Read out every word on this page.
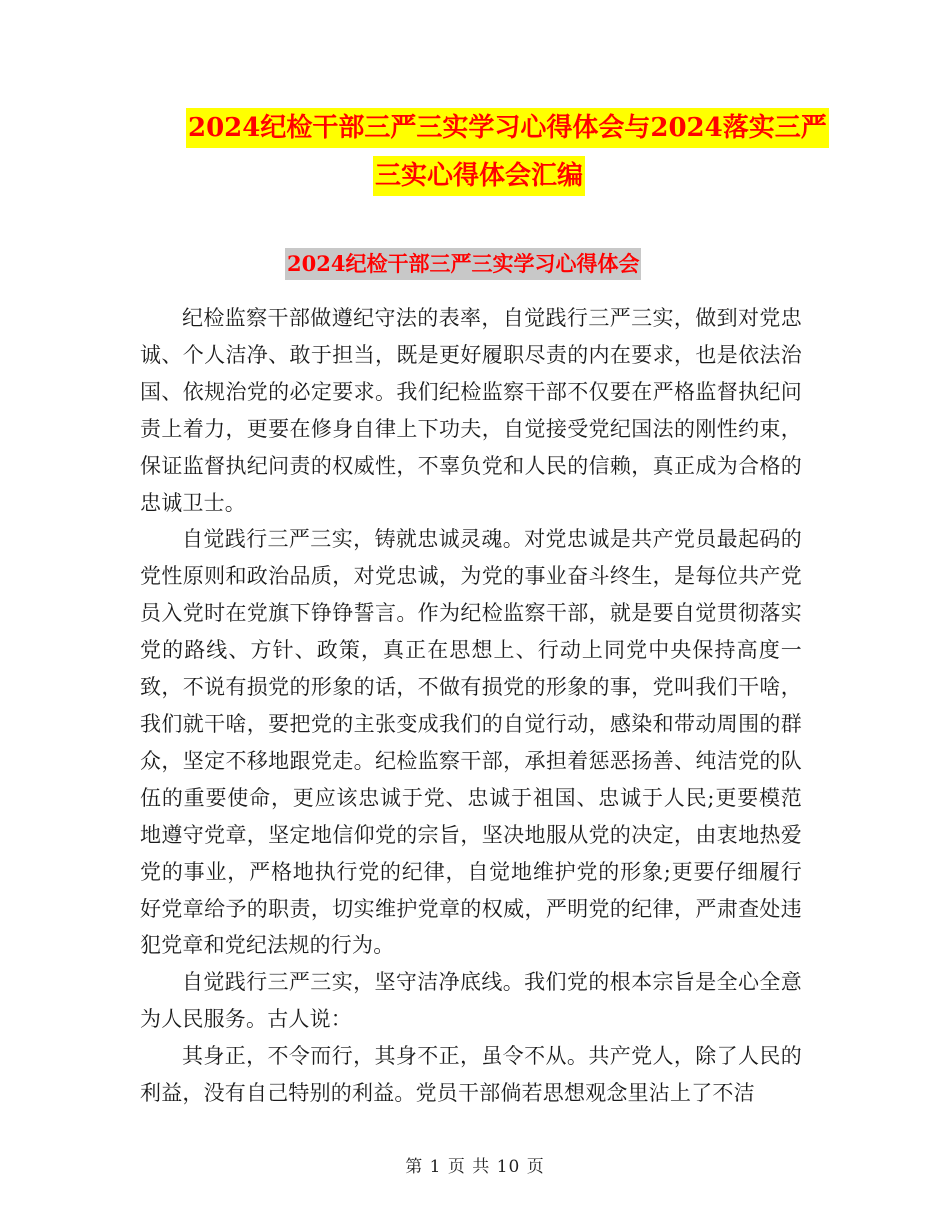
2024纪检干部三严三实学习心得体会与2024落实三严
三实心得体会汇编
2024纪检干部三严三实学习心得体会

纪检监察干部做遵纪守法的表率，自觉践行三严三实，做到对党忠诚、个人洁净、敢于担当，既是更好履职尽责的内在要求，也是依法治国、依规治党的必定要求。我们纪检监察干部不仅要在严格监督执纪问责上着力，更要在修身自律上下功夫，自觉接受党纪国法的刚性约束，保证监督执纪问责的权威性，不辜负党和人民的信赖，真正成为合格的忠诚卫士。

自觉践行三严三实，铸就忠诚灵魂。对党忠诚是共产党员最起码的党性原则和政治品质，对党忠诚，为党的事业奋斗终生，是每位共产党员入党时在党旗下铮铮誓言。作为纪检监察干部，就是要自觉贯彻落实党的路线、方针、政策，真正在思想上、行动上同党中央保持高度一致，不说有损党的形象的话，不做有损党的形象的事，党叫我们干啥，我们就干啥，要把党的主张变成我们的自觉行动，感染和带动周围的群众，坚定不移地跟党走。纪检监察干部，承担着惩恶扬善、纯洁党的队伍的重要使命，更应该忠诚于党、忠诚于祖国、忠诚于人民;更要模范地遵守党章，坚定地信仰党的宗旨，坚决地服从党的决定，由衷地热爱党的事业，严格地执行党的纪律，自觉地维护党的形象;更要仔细履行好党章给予的职责，切实维护党章的权威，严明党的纪律，严肃查处违犯党章和党纪法规的行为。

自觉践行三严三实，坚守洁净底线。我们党的根本宗旨是全心全意为人民服务。古人说：

其身正，不令而行，其身不正，虽令不从。共产党人，除了人民的利益，没有自己特别的利益。党员干部倘若思想观念里沾上了不洁

第 1 页 共 10 页
